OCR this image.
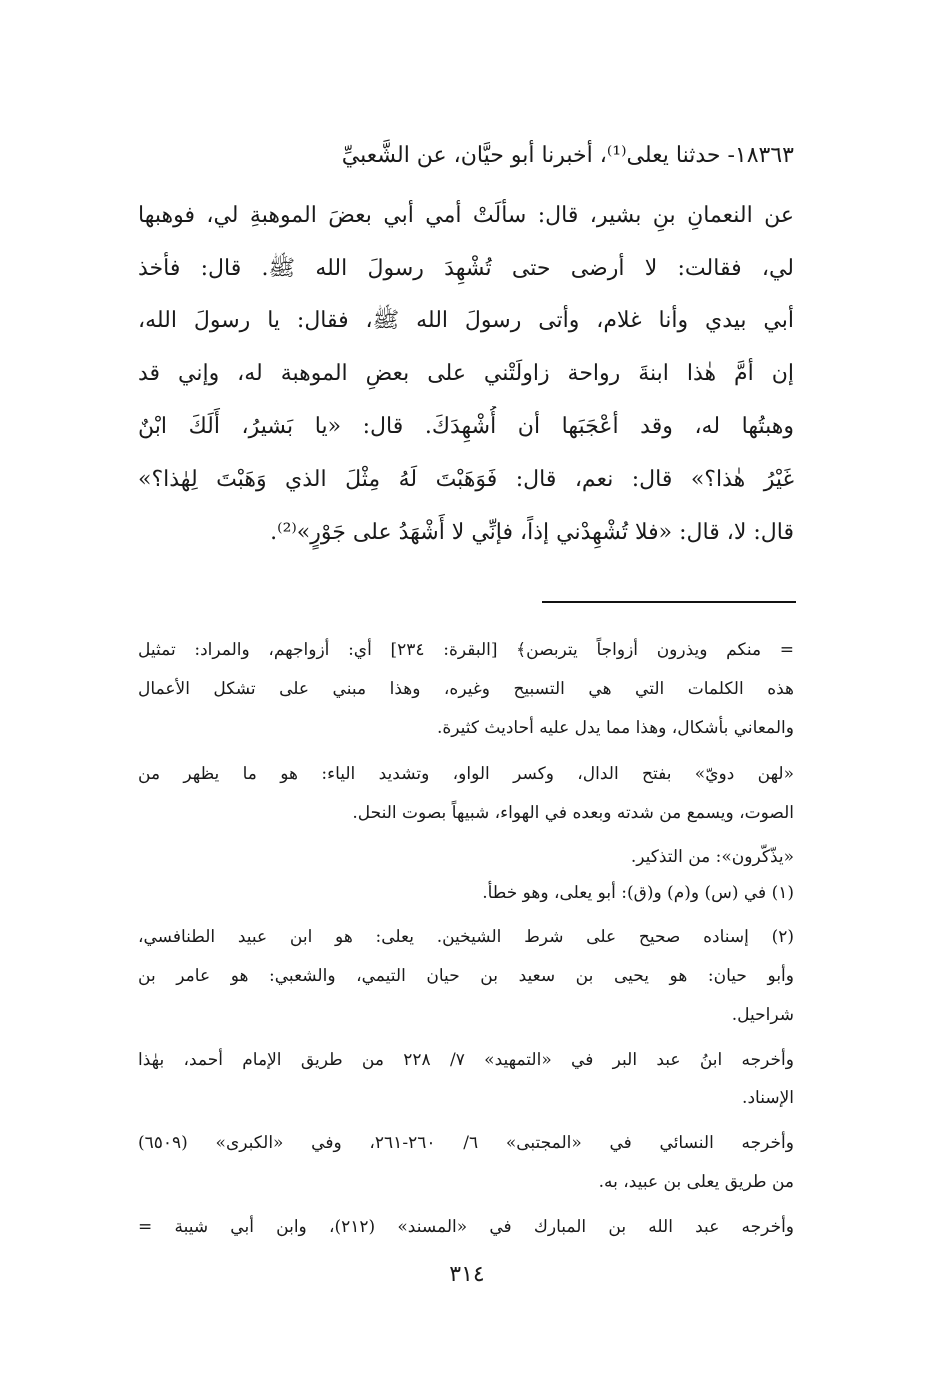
١٨٣٦٣- حدثنا يعلى⁽¹⁾، أخبرنا أبو حيَّان، عن الشَّعبيِّ
عن النعمانِ بنِ بشير، قال: سألَتْ أمي أبي بعضَ الموهبةِ لي، فوهبها
لي، فقالت: لا أرضى حتى تُشْهِدَ رسولَ الله ﷺ. قال: فأخذ
أبي بيدي وأنا غلام، وأتى رسولَ الله ﷺ، فقال: يا رسولَ الله،
إن أمَّ هٰذا ابنةَ رواحة زاولَتْني على بعضِ الموهبة له، وإني قد
وهبتُها له، وقد أعْجَبَها أن أُشْهِدَكَ. قال: «يا بَشيرُ، أَلَكَ ابْنٌ
غَيْرُ هٰذا؟» قال: نعم، قال: فَوَهَبْتَ لَهُ مِثْلَ الذي وَهَبْتَ لِهٰذا؟»
قال: لا، قال: «فلا تُشْهِدْني إذاً، فإنِّي لا أَشْهَدُ على جَوْرٍ»⁽²⁾.
= منكم ويذرون أزواجاً يتربصن﴾ [البقرة: ٢٣٤] أي: أزواجهم، والمراد: تمثيل
هذه الكلمات التي هي التسبيح وغيره، وهذا مبني على تشكل الأعمال
والمعاني بأشكال، وهذا مما يدل عليه أحاديث كثيرة.
«لهن دويّ» بفتح الدال، وكسر الواو، وتشديد الياء: هو ما يظهر من
الصوت، ويسمع من شدته وبعده في الهواء، شبيهاً بصوت النحل.
«يذّكّرون»: من التذكير.
(١) في (س) و(م) و(ق): أبو يعلى، وهو خطأ.
(٢) إسناده صحيح على شرط الشيخين. يعلى: هو ابن عبيد الطنافسي،
وأبو حيان: هو يحيى بن سعيد بن حيان التيمي، والشعبي: هو عامر بن
شراحيل.
وأخرجه ابنُ عبد البر في «التمهيد» ٧/ ٢٢٨ من طريق الإمام أحمد، بهٰذا
الإسناد.
وأخرجه النسائي في «المجتبى» ٦/ ٢٦٠-٢٦١، وفي «الكبرى» (٦٥٠٩)
من طريق يعلى بن عبيد، به.
وأخرجه عبد الله بن المبارك في «المسند» (٢١٢)، وابن أبي شيبة =
٣١٤
